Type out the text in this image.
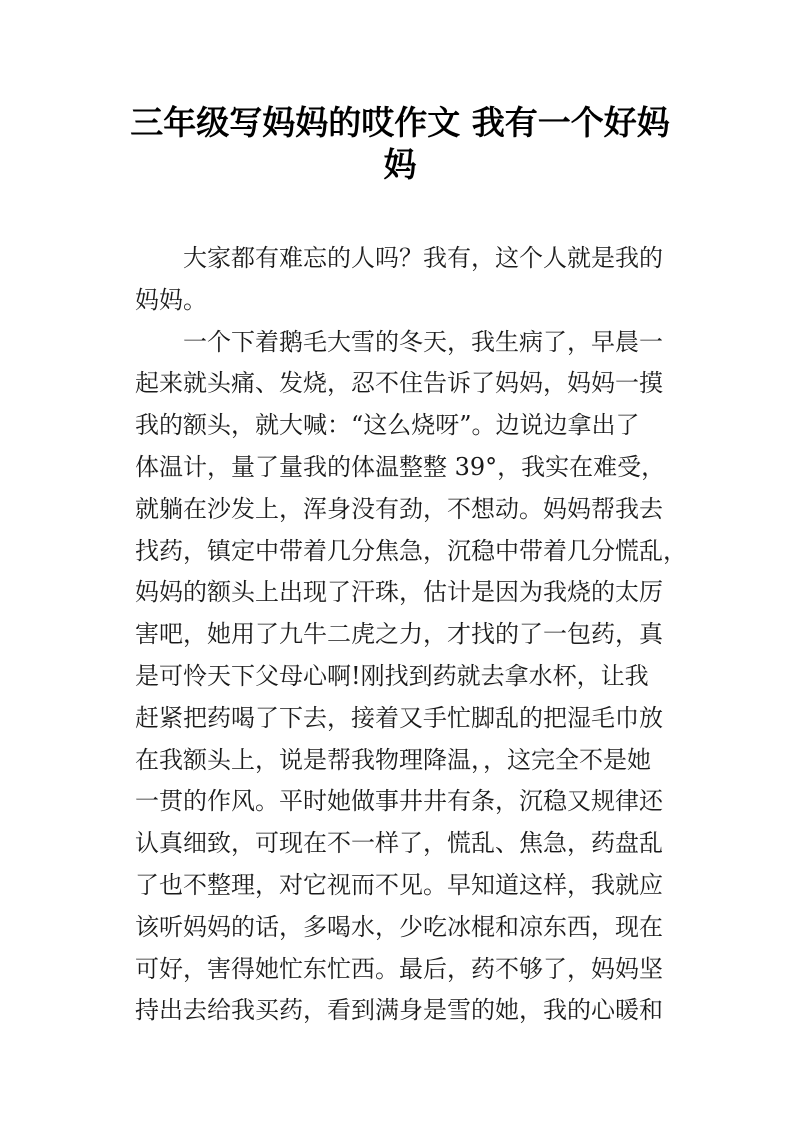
三年级写妈妈的哎作文 我有一个好妈
妈
大家都有难忘的人吗？我有，这个人就是我的
妈妈。
一个下着鹅毛大雪的冬天，我生病了，早晨一
起来就头痛、发烧，忍不住告诉了妈妈，妈妈一摸
我的额头，就大喊：“这么烧呀”。边说边拿出了
体温计，量了量我的体温整整 39°，我实在难受，
就躺在沙发上，浑身没有劲，不想动。妈妈帮我去
找药，镇定中带着几分焦急，沉稳中带着几分慌乱，
妈妈的额头上出现了汗珠，估计是因为我烧的太厉
害吧，她用了九牛二虎之力，才找的了一包药，真
是可怜天下父母心啊!刚找到药就去拿水杯，让我
赶紧把药喝了下去，接着又手忙脚乱的把湿毛巾放
在我额头上，说是帮我物理降温，，这完全不是她
一贯的作风。平时她做事井井有条，沉稳又规律还
认真细致，可现在不一样了，慌乱、焦急，药盘乱
了也不整理，对它视而不见。早知道这样，我就应
该听妈妈的话，多喝水，少吃冰棍和凉东西，现在
可好，害得她忙东忙西。最后，药不够了，妈妈坚
持出去给我买药，看到满身是雪的她，我的心暖和
